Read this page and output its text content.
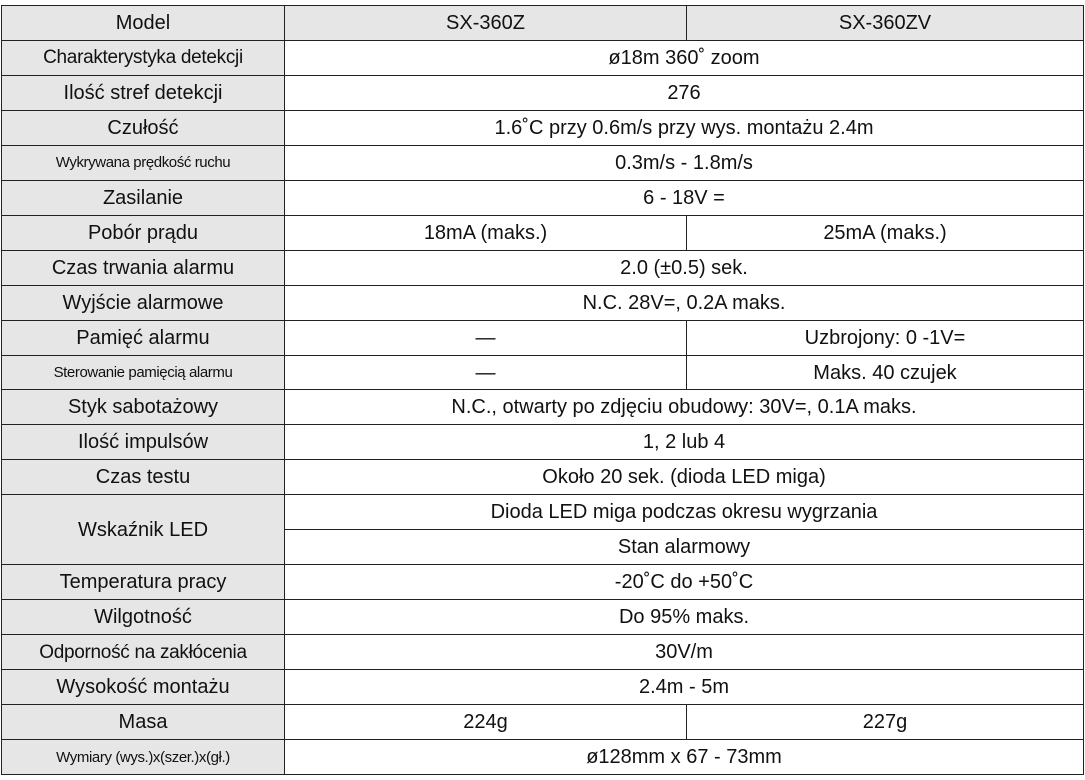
Model	SX-360Z	SX-360ZV
Charakterystyka detekcji	ø18m 360˚ zoom	
Ilość stref detekcji	276	
Czułość	1.6˚C przy 0.6m/s przy wys. montażu 2.4m	
Wykrywana prędkość ruchu	0.3m/s - 1.8m/s	
Zasilanie	6 - 18V =	
Pobór prądu	18mA (maks.)	25mA (maks.)
Czas trwania alarmu	2.0 (±0.5) sek.	
Wyjście alarmowe	N.C. 28V=, 0.2A maks.	
Pamięć alarmu	—	Uzbrojony: 0 -1V=
Sterowanie pamięcią alarmu	—	Maks. 40 czujek
Styk sabotażowy	N.C., otwarty po zdjęciu obudowy: 30V=, 0.1A maks.	
Ilość impulsów	1, 2 lub 4	
Czas testu	Około 20 sek. (dioda LED miga)	
Wskaźnik LED	Dioda LED miga podczas okresu wygrzania	
	Stan alarmowy	
Temperatura pracy	-20˚C do +50˚C	
Wilgotność	Do 95% maks.	
Odporność na zakłócenia	30V/m	
Wysokość montażu	2.4m - 5m	
Masa	224g	227g
Wymiary (wys.)x(szer.)x(gł.)	ø128mm x 67 - 73mm	
